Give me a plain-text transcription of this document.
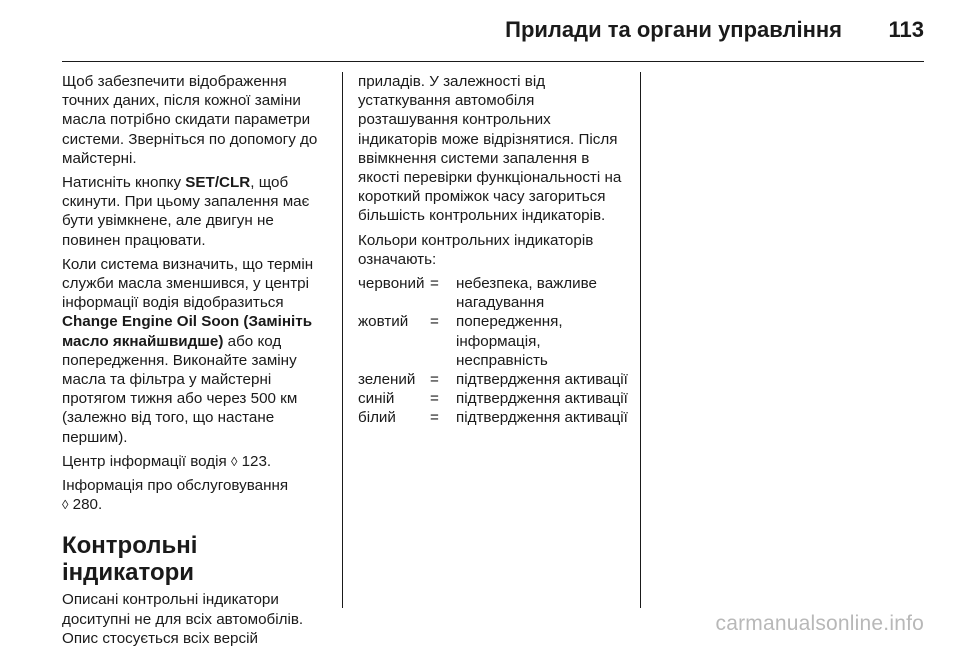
Прилади та органи управління 113

Щоб забезпечити відображення точних даних, після кожної заміни масла потрібно скидати параметри системи. Зверніться по допомогу до майстерні.

Натисніть кнопку SET/CLR, щоб скинути. При цьому запалення має бути увімкнене, але двигун не повинен працювати.

Коли система визначить, що термін служби масла зменшився, у центрі інформації водія відобразиться Change Engine Oil Soon (Замініть масло якнайшвидше) або код попередження. Виконайте заміну масла та фільтра у майстерні протягом тижня або через 500 км (залежно від того, що настане першим).

Центр інформації водія ◊ 123.

Інформація про обслуговування
◊ 280.

Контрольні індикатори

Описані контрольні індикатори доситупні не для всіх автомобілів. Опис стосується всіх версій

приладів. У залежності від устаткування автомобіля розташування контрольних індикаторів може відрізнятися. Після ввімкнення системи запалення в якості перевірки функціональності на короткий проміжок часу загориться більшість контрольних індикаторів.

Кольори контрольних індикаторів означають:

червоний =	небезпека, важливе нагадування
жовтий	=	попередження, інформація, несправність
зелений =	підтвердження активації
синій	=	підтвердження активації
білий	=	підтвердження активації
carmanualsonline.info
